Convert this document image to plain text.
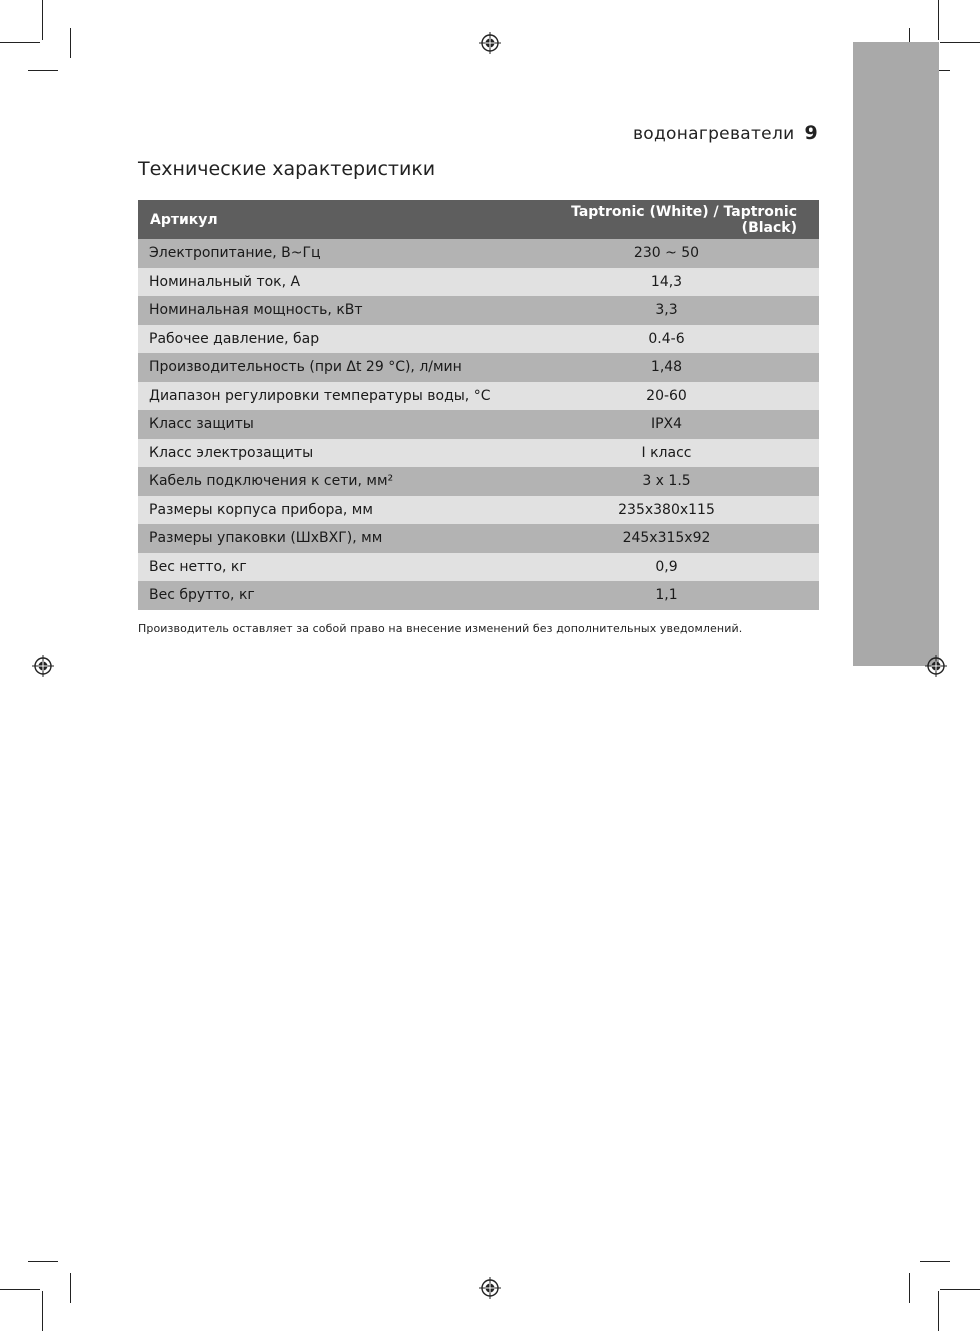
водонагреватели 9
Технические характеристики
Артикул	Taptronic (White) / Taptronic (Black)
Электропитание, В~Гц	230 ~ 50
Номинальный ток, А	14,3
Номинальная мощность, кВт	3,3
Рабочее давление, бар	0.4-6
Производительность (при Δt 29 °С), л/мин	1,48
Диапазон регулировки температуры воды, °С	20-60
Класс защиты	IPX4
Класс электрозащиты	I класс
Кабель подключения к сети, мм²	3 x 1.5
Размеры корпуса прибора, мм	235x380x115
Размеры упаковки (ШхВХГ), мм	245x315x92
Вес нетто, кг	0,9
Вес брутто, кг	1,1
Производитель оставляет за собой право на внесение изменений без дополнительных уведомлений.
